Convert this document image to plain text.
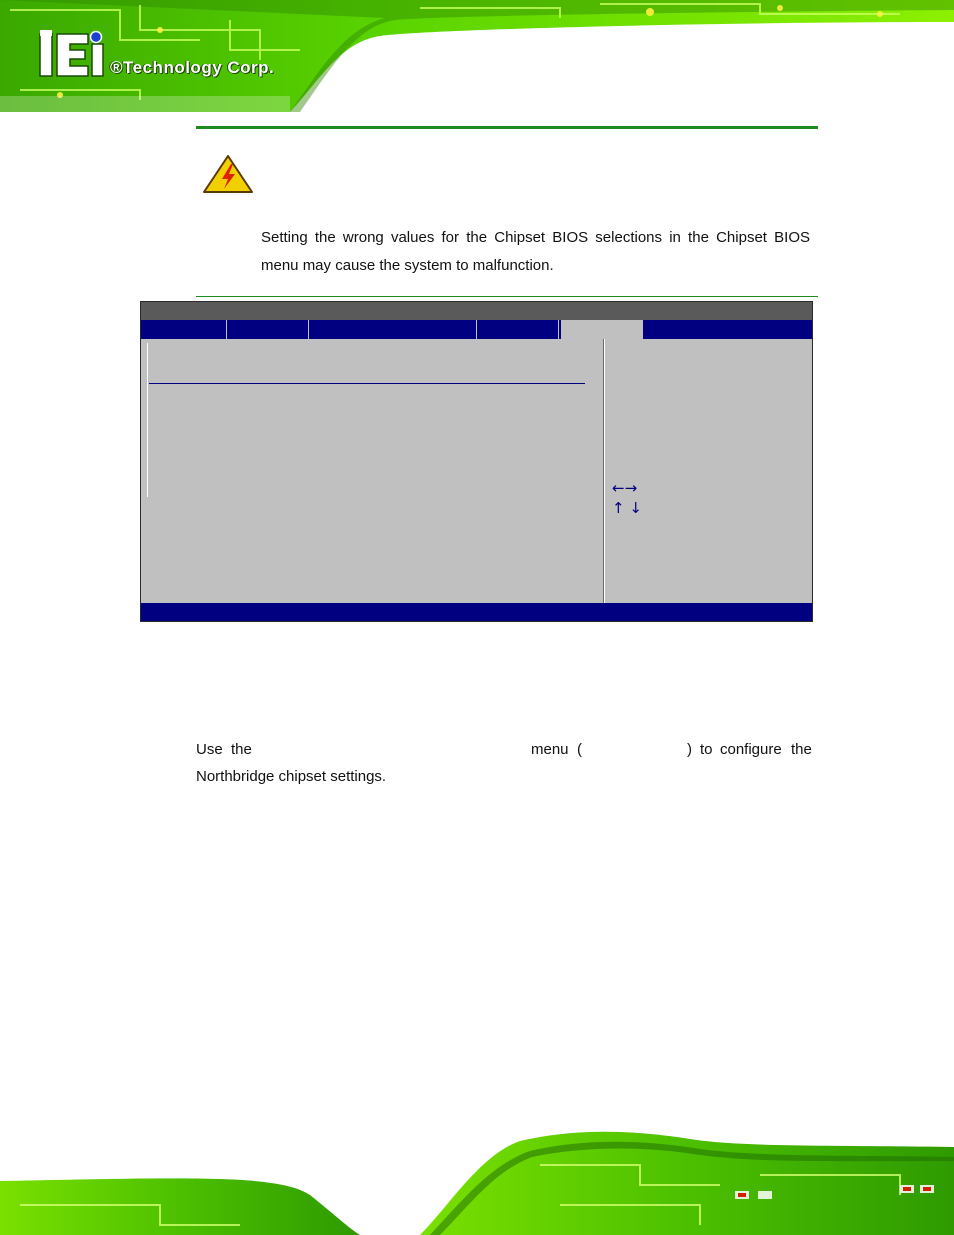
®Technology Corp.
Setting the wrong values for the Chipset BIOS selections in the Chipset BIOS menu may cause the system to malfunction.
←→
↑ ↓
Use the	menu (	) to configure the
Northbridge chipset settings.
